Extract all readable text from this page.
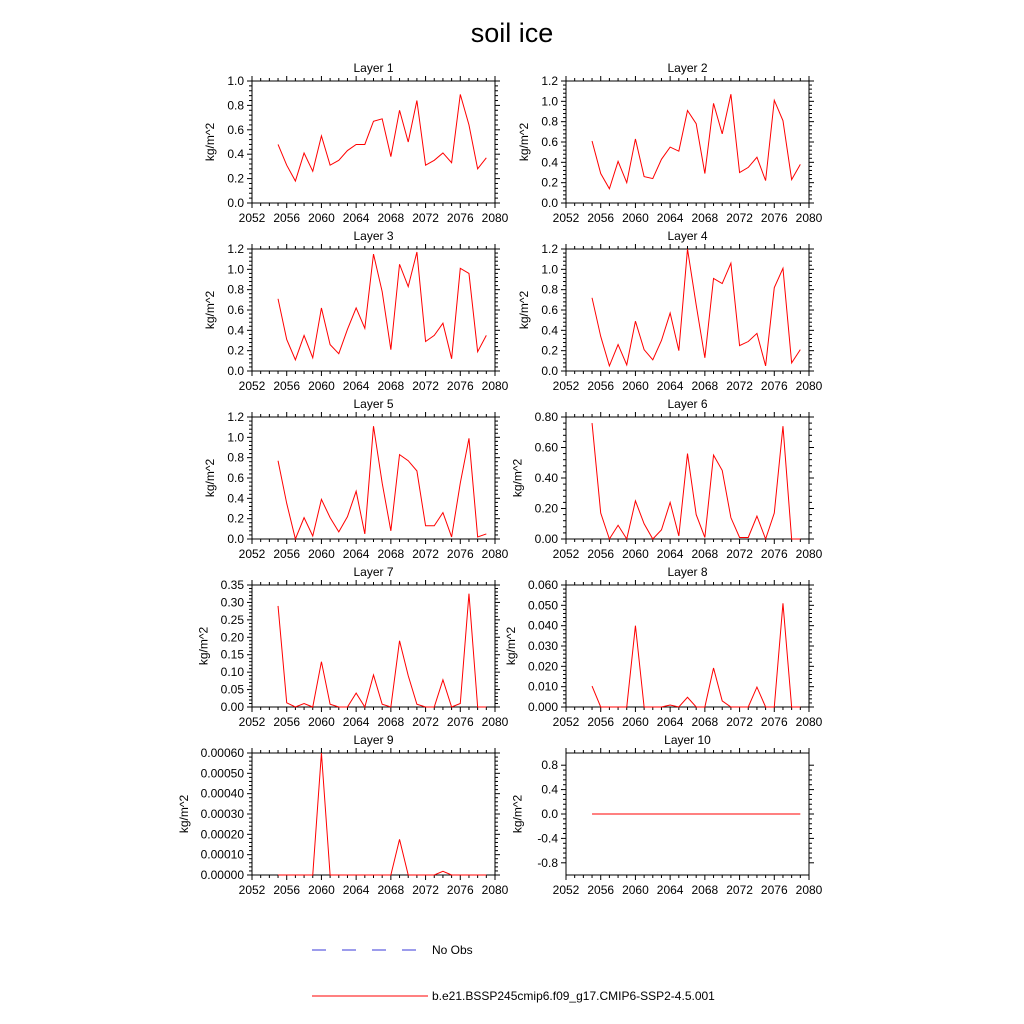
soil ice
Layer 1
2052 2056 2060 2064 2068 2072 2076 2080
0.0
0.2
0.4
0.6
0.8
1.0
kg/m^2
Layer 2
2052 2056 2060 2064 2068 2072 2076 2080
0.0
0.2
0.4
0.6
0.8
1.0
1.2
kg/m^2
Layer 3
2052 2056 2060 2064 2068 2072 2076 2080
0.0
0.2
0.4
0.6
0.8
1.0
1.2
kg/m^2
Layer 4
2052 2056 2060 2064 2068 2072 2076 2080
0.0
0.2
0.4
0.6
0.8
1.0
1.2
kg/m^2
Layer 5
2052 2056 2060 2064 2068 2072 2076 2080
0.0
0.2
0.4
0.6
0.8
1.0
1.2
kg/m^2
Layer 6
2052 2056 2060 2064 2068 2072 2076 2080
0.00
0.20
0.40
0.60
0.80
kg/m^2
Layer 7
2052 2056 2060 2064 2068 2072 2076 2080
0.00
0.05
0.10
0.15
0.20
0.25
0.30
0.35
kg/m^2
Layer 8
2052 2056 2060 2064 2068 2072 2076 2080
0.000
0.010
0.020
0.030
0.040
0.050
0.060
kg/m^2
Layer 9
2052 2056 2060 2064 2068 2072 2076 2080
0.00000
0.00010
0.00020
0.00030
0.00040
0.00050
0.00060
kg/m^2
Layer 10
2052 2056 2060 2064 2068 2072 2076 2080
-0.8
-0.4
0.0
0.4
0.8
kg/m^2
No Obs
b.e21.BSSP245cmip6.f09_g17.CMIP6-SSP2-4.5.001
